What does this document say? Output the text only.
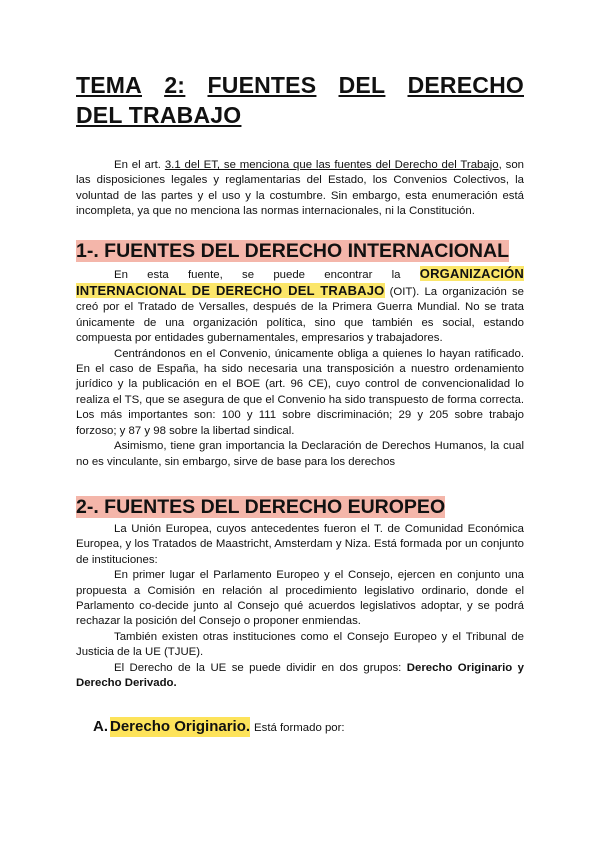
TEMA 2: FUENTES DEL DERECHO
DEL TRABAJO

En el art. 3.1 del ET, se menciona que las fuentes del Derecho del Trabajo, son las disposiciones legales y reglamentarias del Estado, los Convenios Colectivos, la voluntad de las partes y el uso y la costumbre. Sin embargo, esta enumeración está incompleta, ya que no menciona las normas internacionales, ni la Constitución.

1-. FUENTES DEL DERECHO INTERNACIONAL

En esta fuente, se puede encontrar la ORGANIZACIÓN INTERNACIONAL DE DERECHO DEL TRABAJO (OIT). La organización se creó por el Tratado de Versalles, después de la Primera Guerra Mundial. No se trata únicamente de una organización política, sino que también es social, estando compuesta por entidades gubernamentales, empresarios y trabajadores.

Centrándonos en el Convenio, únicamente obliga a quienes lo hayan ratificado. En el caso de España, ha sido necesaria una transposición a nuestro ordenamiento jurídico y la publicación en el BOE (art. 96 CE), cuyo control de convencionalidad lo realiza el TS, que se asegura de que el Convenio ha sido transpuesto de forma correcta. Los más importantes son: 100 y 111 sobre discriminación; 29 y 205 sobre trabajo forzoso; y 87 y 98 sobre la libertad sindical.

Asimismo, tiene gran importancia la Declaración de Derechos Humanos, la cual no es vinculante, sin embargo, sirve de base para los derechos

2-. FUENTES DEL DERECHO EUROPEO

La Unión Europea, cuyos antecedentes fueron el T. de Comunidad Económica Europea, y los Tratados de Maastricht, Amsterdam y Niza. Está formada por un conjunto de instituciones:

En primer lugar el Parlamento Europeo y el Consejo, ejercen en conjunto una propuesta a Comisión en relación al procedimiento legislativo ordinario, donde el Parlamento co-decide junto al Consejo qué acuerdos legislativos adoptar, y se podrá rechazar la posición del Consejo o proponer enmiendas.

También existen otras instituciones como el Consejo Europeo y el Tribunal de Justicia de la UE (TJUE).

El Derecho de la UE se puede dividir en dos grupos: Derecho Originario y Derecho Derivado.

A. Derecho Originario. Está formado por:
